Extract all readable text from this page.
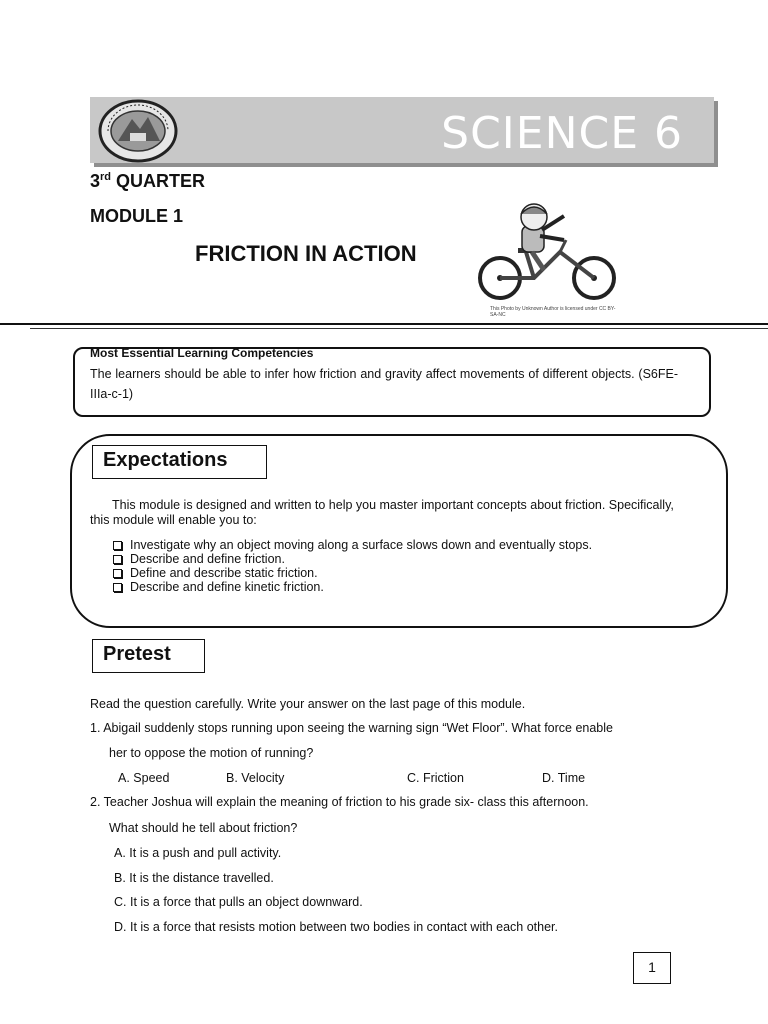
SCIENCE 6
3rd QUARTER
MODULE 1
FRICTION IN ACTION
This Photo by Unknown Author is licensed under CC BY-SA-NC
Most Essential Learning Competencies
The learners should be able to infer how friction and gravity affect movements of different objects. (S6FE-IIIa-c-1)
Expectations
This module is designed and written to help you master important concepts about friction. Specifically, this module will enable you to:
Investigate why an object moving along a surface slows down and eventually stops.
Describe and define friction.
Define and describe static friction.
Describe and define kinetic friction.
Pretest
Read the question carefully. Write your answer on the last page of this module.
1. Abigail suddenly stops running upon seeing the warning sign “Wet Floor”. What force enable
her to oppose the motion of running?
A. Speed	B. Velocity	C. Friction	D. Time
2. Teacher Joshua will explain the meaning of friction to his grade six- class this afternoon.
What should he tell about friction?
A. It is a push and pull activity.
B. It is the distance travelled.
C. It is a force that pulls an object downward.
D. It is a force that resists motion between two bodies in contact with each other.
1
